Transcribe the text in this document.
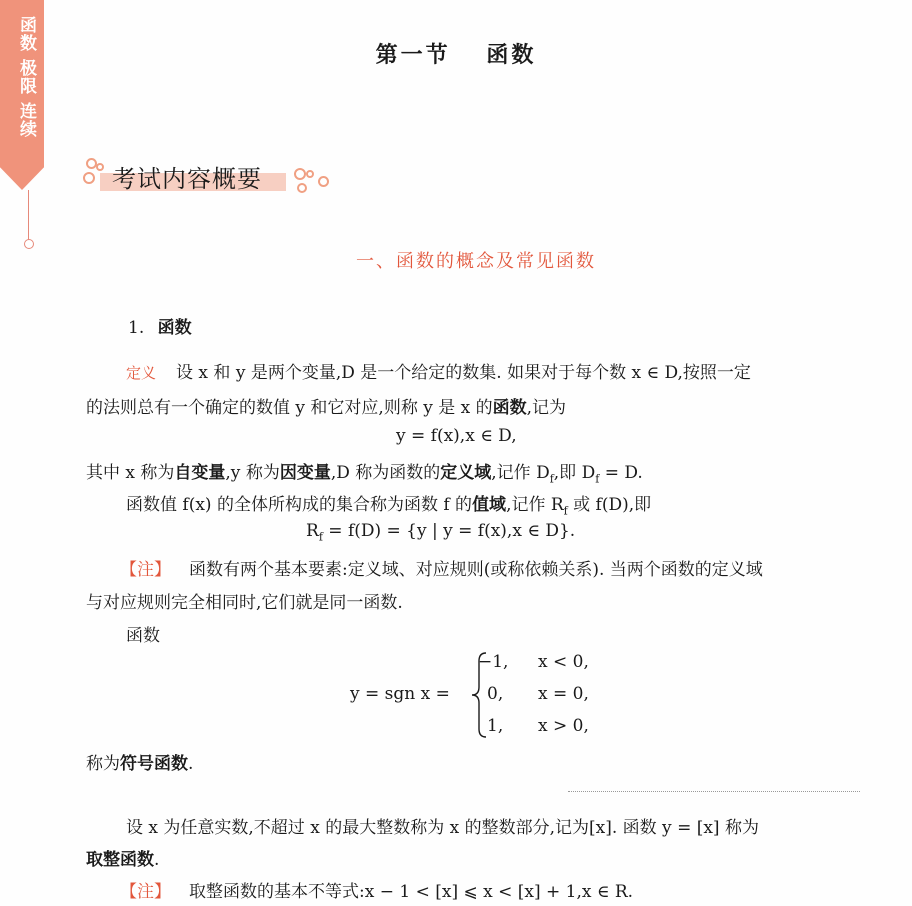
函数 极限 连续	第一节　 函数
考试内容概要
一、函数的概念及常见函数
1. 函数
定义 设 x 和 y 是两个变量,D 是一个给定的数集. 如果对于每个数 x ∈ D,按照一定
的法则总有一个确定的数值 y 和它对应,则称 y 是 x 的函数,记为
y = f(x),x ∈ D,
其中 x 称为自变量,y 称为因变量,D 称为函数的定义域,记作 $D_f$,即 $D_f = D$.
函数值 f(x) 的全体所构成的集合称为函数 f 的值域,记作 $R_f$ 或 f(D),即
$R_f = f(D) = \{y$ | y = f(x),x ∈ D}.
【注】 函数有两个基本要素:定义域、对应规则(或称依赖关系). 当两个函数的定义域
与对应规则完全相同时,它们就是同一函数.
函数
y = sgn x =
−1, x < 0,
0, x = 0,
1, x > 0,
称为符号函数.
设 x 为任意实数,不超过 x 的最大整数称为 x 的整数部分,记为[x]. 函数 y = [x] 称为
取整函数.
【注】 取整函数的基本不等式:x − 1 < [x] ⩽ x < [x] + 1,x ∈ R.
